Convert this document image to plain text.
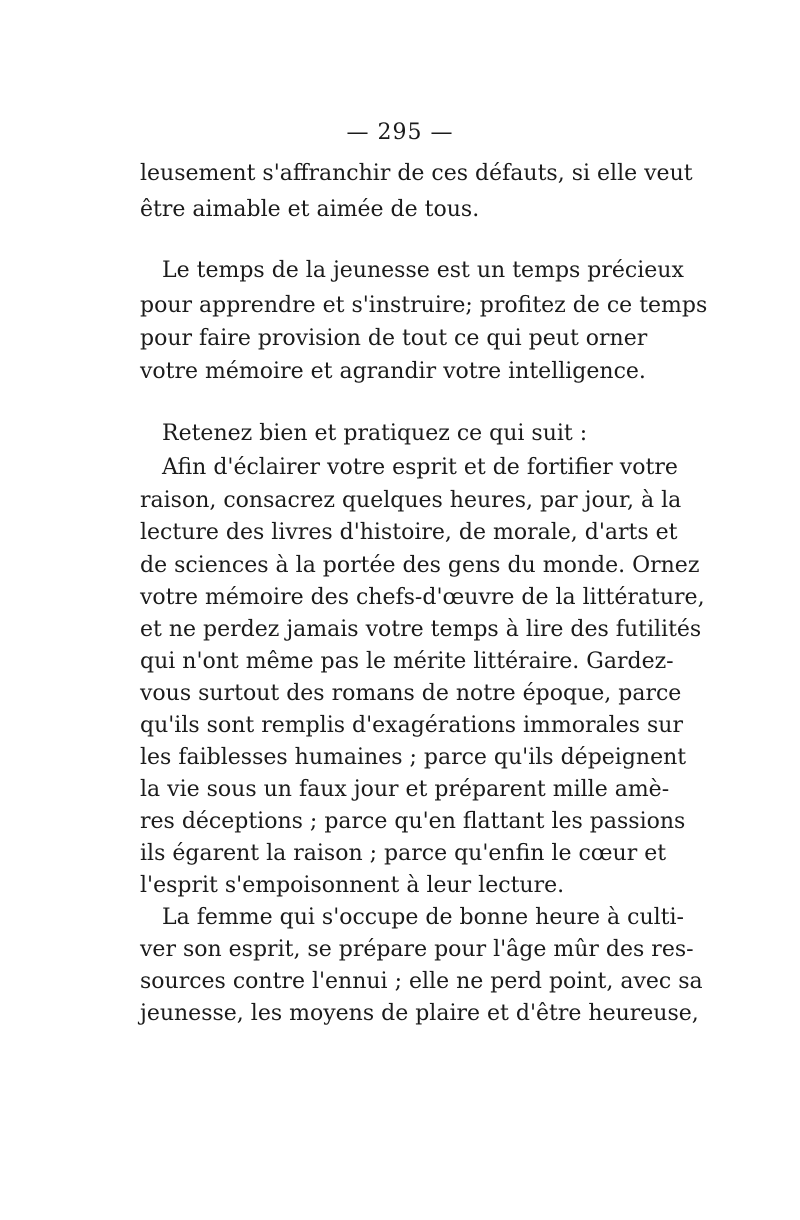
— 295 —
leusement s'affranchir de ces défauts, si elle veut
être aimable et aimée de tous.
Le temps de la jeunesse est un temps précieux
pour apprendre et s'instruire; profitez de ce temps
pour faire provision de tout ce qui peut orner
votre mémoire et agrandir votre intelligence.
Retenez bien et pratiquez ce qui suit :
Afin d'éclairer votre esprit et de fortifier votre
raison, consacrez quelques heures, par jour, à la
lecture des livres d'histoire, de morale, d'arts et
de sciences à la portée des gens du monde. Ornez
votre mémoire des chefs-d'œuvre de la littérature,
et ne perdez jamais votre temps à lire des futilités
qui n'ont même pas le mérite littéraire. Gardez-
vous surtout des romans de notre époque, parce
qu'ils sont remplis d'exagérations immorales sur
les faiblesses humaines ; parce qu'ils dépeignent
la vie sous un faux jour et préparent mille amè-
res déceptions ; parce qu'en flattant les passions
ils égarent la raison ; parce qu'enfin le cœur et
l'esprit s'empoisonnent à leur lecture.
La femme qui s'occupe de bonne heure à culti-
ver son esprit, se prépare pour l'âge mûr des res-
sources contre l'ennui ; elle ne perd point, avec sa
jeunesse, les moyens de plaire et d'être heureuse,
